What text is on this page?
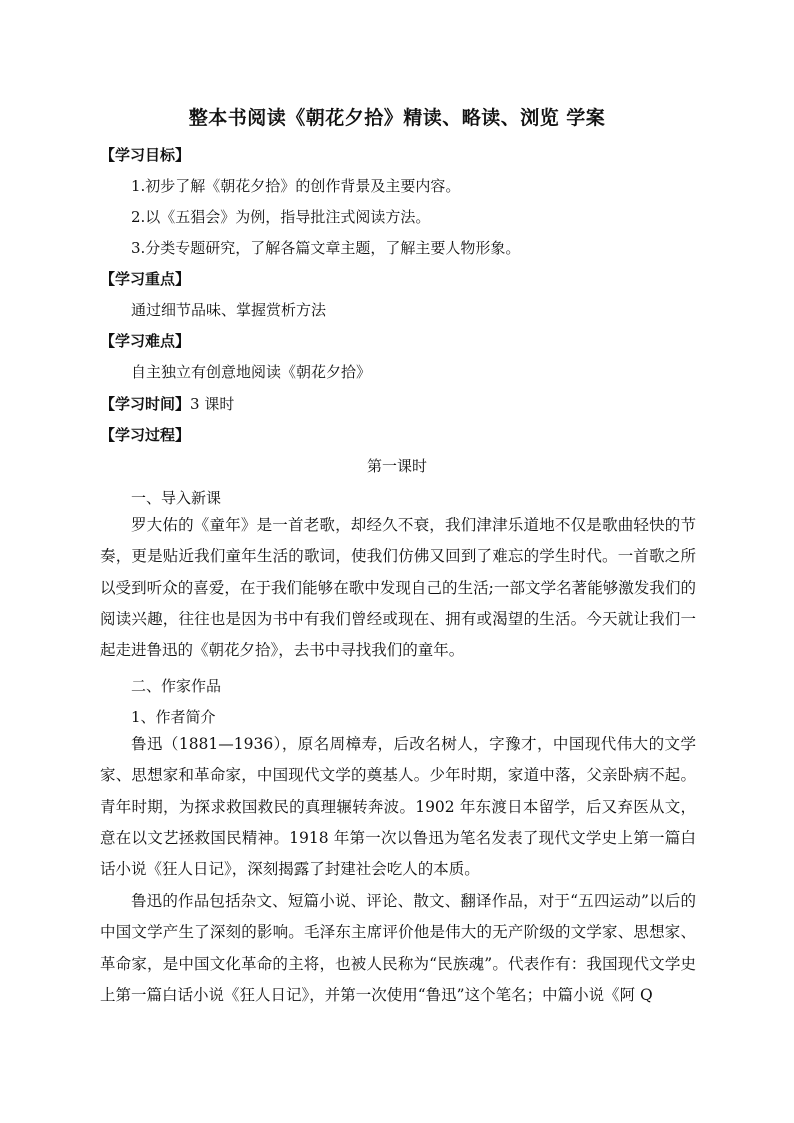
整本书阅读《朝花夕拾》精读、略读、浏览 学案
【学习目标】
1.初步了解《朝花夕拾》的创作背景及主要内容。
2.以《五猖会》为例，指导批注式阅读方法。
3.分类专题研究，了解各篇文章主题，了解主要人物形象。
【学习重点】
通过细节品味、掌握赏析方法
【学习难点】
自主独立有创意地阅读《朝花夕拾》
【学习时间】3 课时
【学习过程】
第一课时
一、导入新课
罗大佑的《童年》是一首老歌，却经久不衰，我们津津乐道地不仅是歌曲轻快的节奏，更是贴近我们童年生活的歌词，使我们仿佛又回到了难忘的学生时代。一首歌之所以受到听众的喜爱，在于我们能够在歌中发现自己的生活;一部文学名著能够激发我们的阅读兴趣，往往也是因为书中有我们曾经或现在、拥有或渴望的生活。今天就让我们一起走进鲁迅的《朝花夕拾》，去书中寻找我们的童年。
二、作家作品
1、作者简介
鲁迅（1881—1936），原名周樟寿，后改名树人，字豫才，中国现代伟大的文学家、思想家和革命家，中国现代文学的奠基人。少年时期，家道中落，父亲卧病不起。青年时期，为探求救国救民的真理辗转奔波。1902 年东渡日本留学，后又弃医从文，意在以文艺拯救国民精神。1918 年第一次以鲁迅为笔名发表了现代文学史上第一篇白话小说《狂人日记》，深刻揭露了封建社会吃人的本质。
鲁迅的作品包括杂文、短篇小说、评论、散文、翻译作品，对于“五四运动”以后的中国文学产生了深刻的影响。毛泽东主席评价他是伟大的无产阶级的文学家、思想家、革命家，是中国文化革命的主将，也被人民称为“民族魂”。代表作有：我国现代文学史上第一篇白话小说《狂人日记》，并第一次使用“鲁迅”这个笔名；中篇小说《阿 Q
